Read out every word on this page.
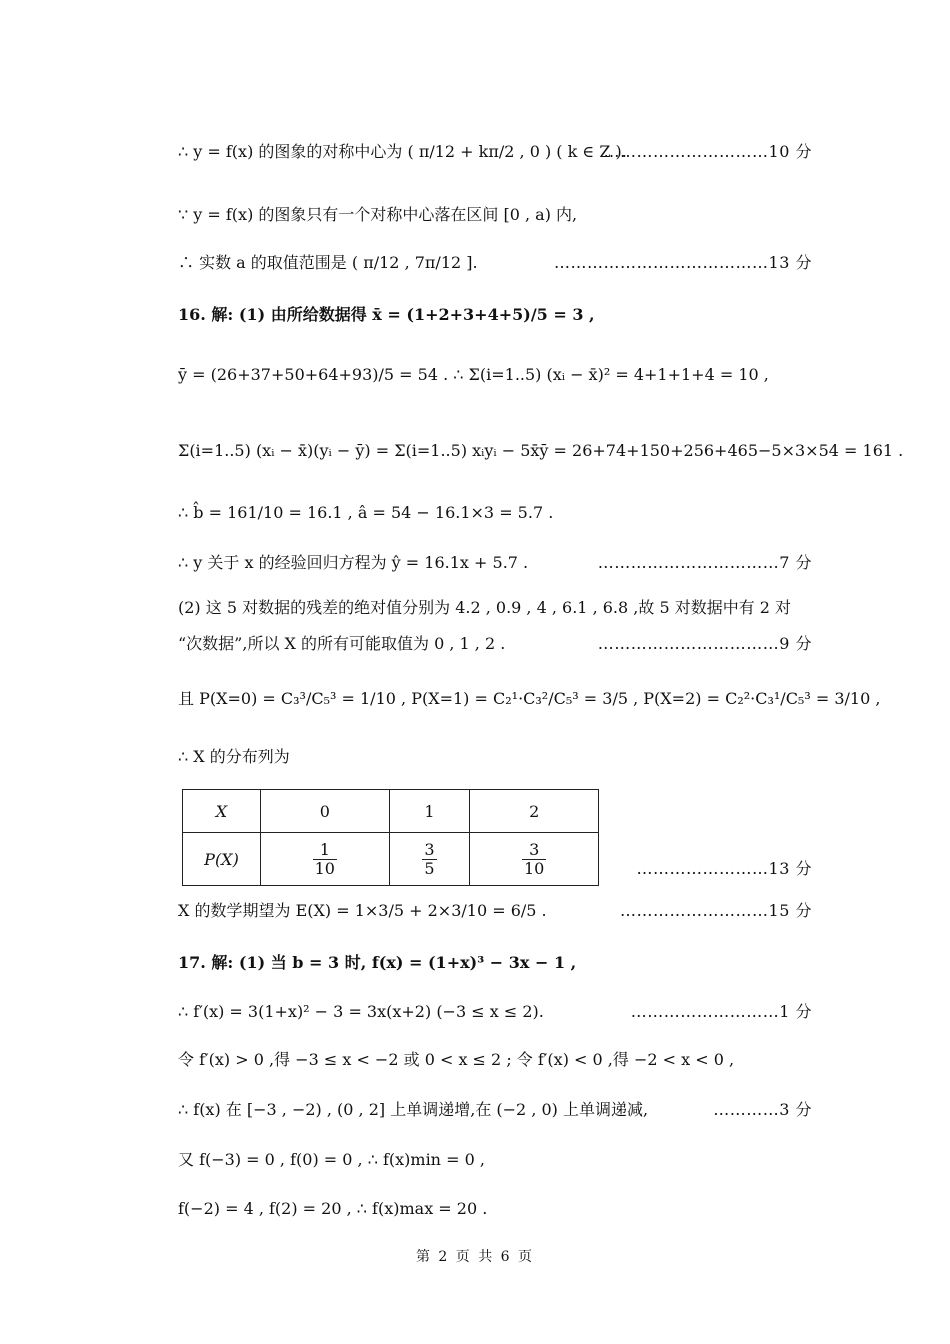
∴ y = f(x) 的图象的对称中心为 ( π/12 + kπ/2 , 0 ) ( k ∈ Z ).
…………………………10 分
∵ y = f(x) 的图象只有一个对称中心落在区间 [0 , a) 内,
∴ 实数 a 的取值范围是 ( π/12 , 7π/12 ].	…………………………………13 分
16. 解: (1) 由所给数据得 x̄ = (1+2+3+4+5)/5 = 3 ,
ȳ = (26+37+50+64+93)/5 = 54 . ∴ Σ(i=1..5) (xᵢ − x̄)² = 4+1+1+4 = 10 ,
Σ(i=1..5) (xᵢ − x̄)(yᵢ − ȳ) = Σ(i=1..5) xᵢyᵢ − 5x̄ȳ = 26+74+150+256+465−5×3×54 = 161 .
∴ b̂ = 161/10 = 16.1 , â = 54 − 16.1×3 = 5.7 .
∴ y 关于 x 的经验回归方程为 ŷ = 16.1x + 5.7 .	……………………………7 分
(2) 这 5 对数据的残差的绝对值分别为 4.2 , 0.9 , 4 , 6.1 , 6.8 ,故 5 对数据中有 2 对
“次数据”,所以 X 的所有可能取值为 0 , 1 , 2 .	……………………………9 分
且 P(X=0) = C₃³/C₅³ = 1/10 , P(X=1) = C₂¹·C₃²/C₅³ = 3/5 , P(X=2) = C₂²·C₃¹/C₅³ = 3/10 ,
∴ X 的分布列为
X	0	1	2
P(X)	$\frac{1}{10}$	$\frac{3}{5}$	$\frac{3}{10}$	……………………13 分
X 的数学期望为 E(X) = 1×3/5 + 2×3/10 = 6/5 .	………………………15 分
17. 解: (1) 当 b = 3 时, f(x) = (1+x)³ − 3x − 1 ,
∴ f′(x) = 3(1+x)² − 3 = 3x(x+2) (−3 ≤ x ≤ 2).	………………………1 分
令 f′(x) > 0 ,得 −3 ≤ x < −2 或 0 < x ≤ 2 ; 令 f′(x) < 0 ,得 −2 < x < 0 ,
∴ f(x) 在 [−3 , −2) , (0 , 2] 上单调递增,在 (−2 , 0) 上单调递减,	…………3 分
又 f(−3) = 0 , f(0) = 0 , ∴ f(x)min = 0 ,
f(−2) = 4 , f(2) = 20 , ∴ f(x)max = 20 .
第 2 页 共 6 页
